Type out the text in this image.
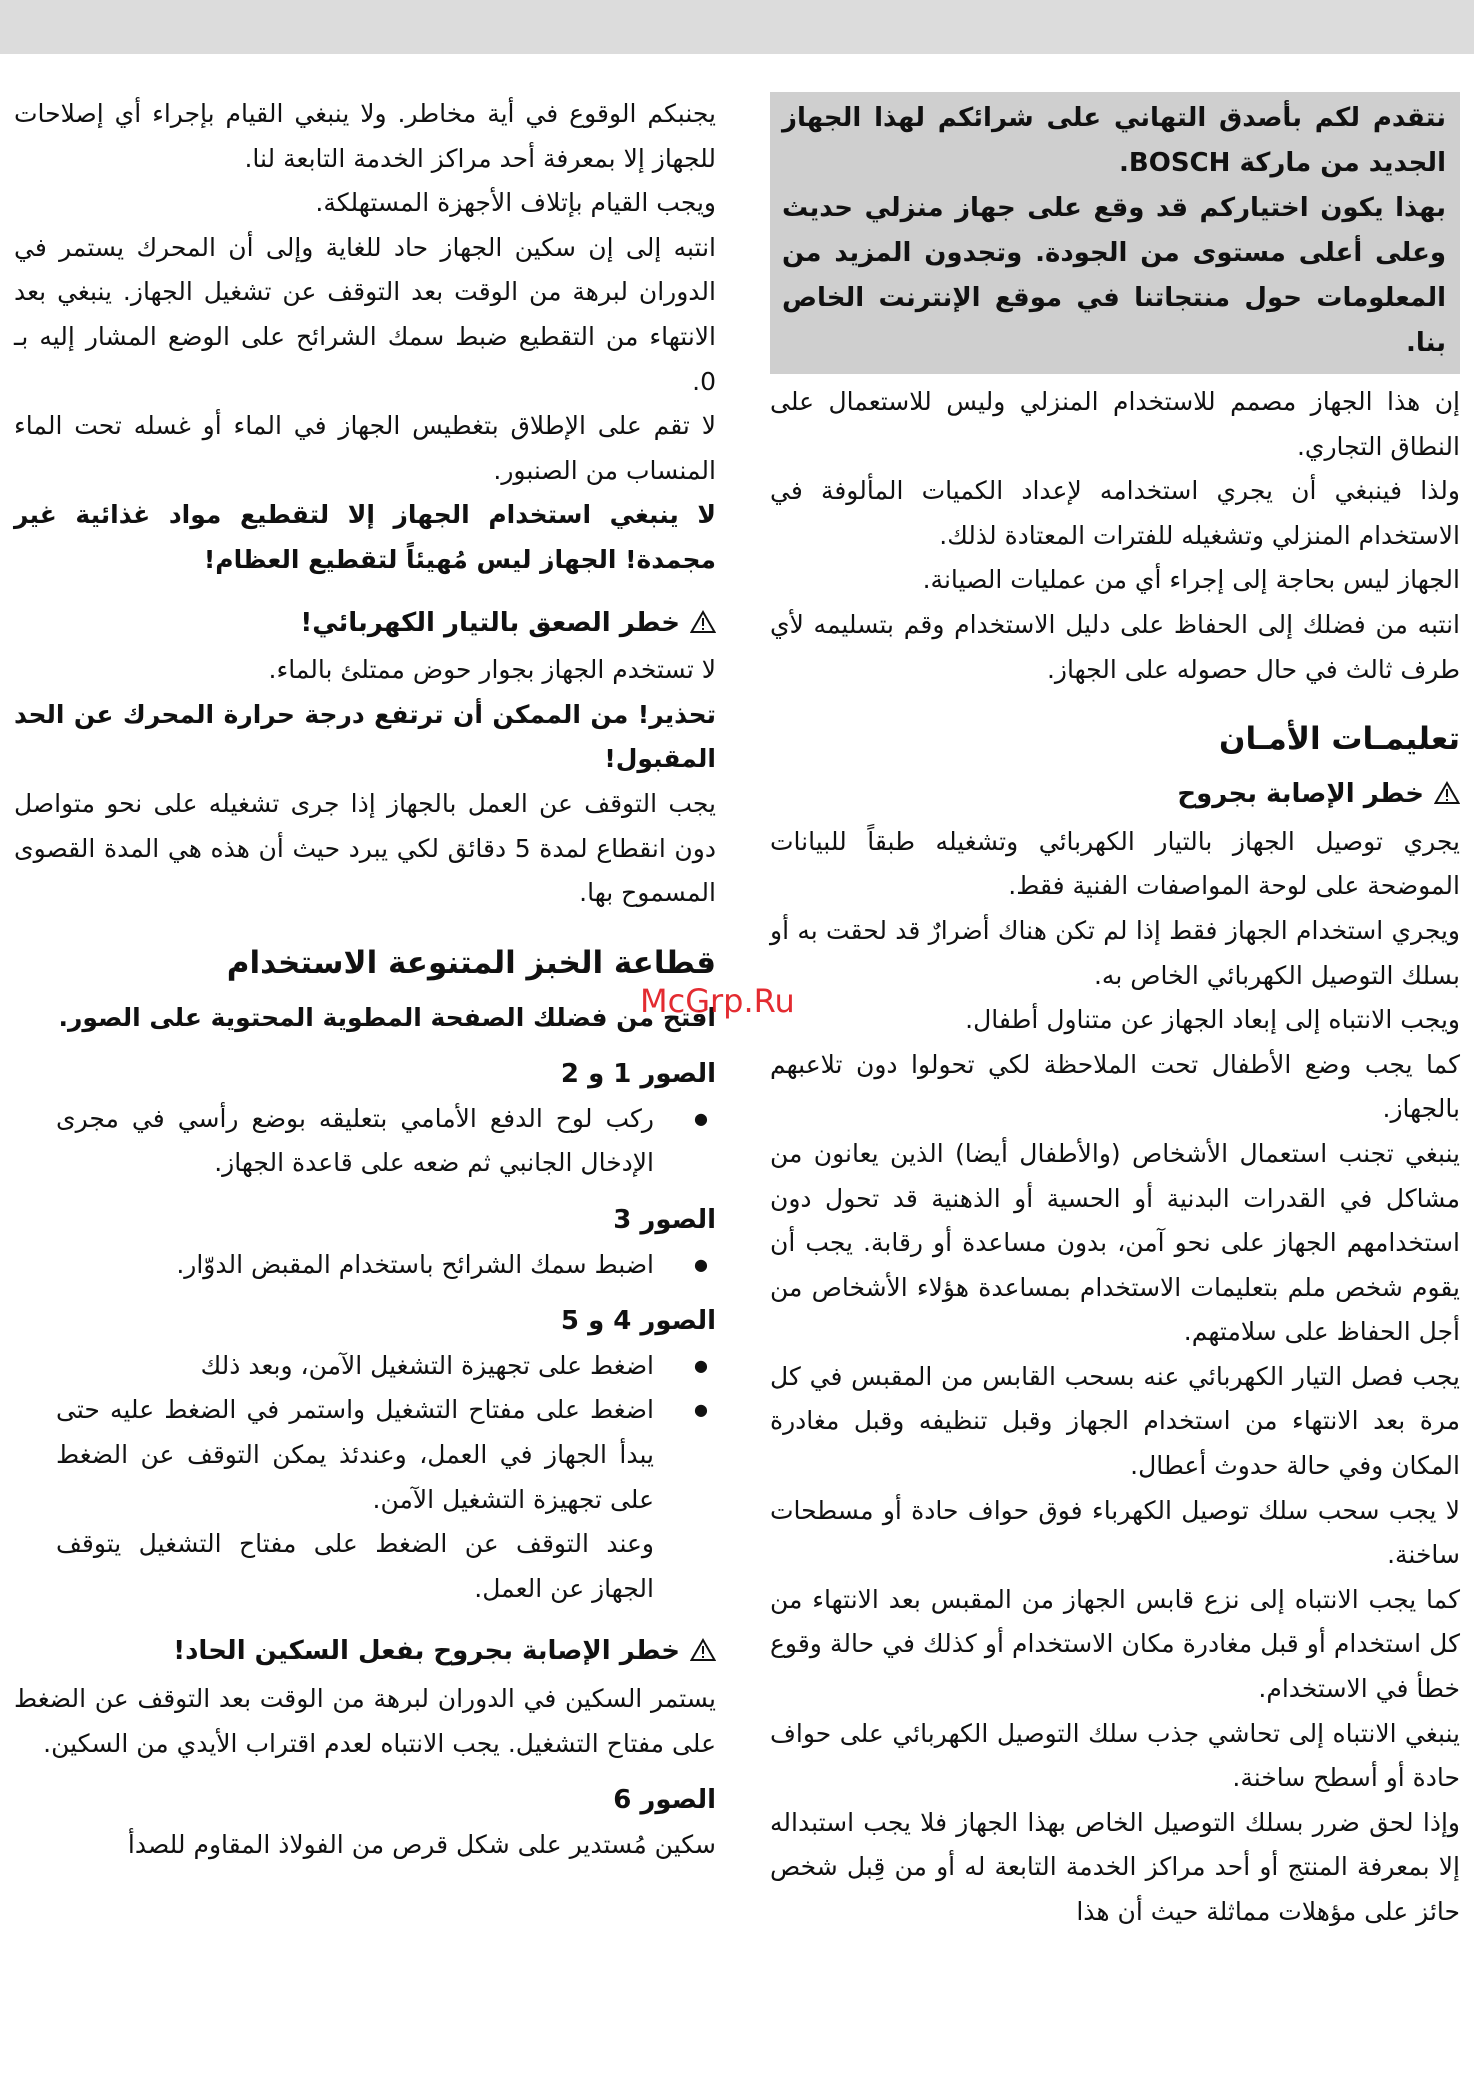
نتقدم لكم بأصدق التهاني على شرائكم لهذا الجهاز الجديد من ماركة BOSCH.

بهذا يكون اختياركم قد وقع على جهاز منزلي حديث وعلى أعلى مستوى من الجودة. وتجدون المزيد من المعلومات حول منتجاتنا في موقع الإنترنت الخاص بنا.

إن هذا الجهاز مصمم للاستخدام المنزلي وليس للاستعمال على النطاق التجاري.

ولذا فينبغي أن يجري استخدامه لإعداد الكميات المألوفة في الاستخدام المنزلي وتشغيله للفترات المعتادة لذلك.

الجهاز ليس بحاجة إلى إجراء أي من عمليات الصيانة.

انتبه من فضلك إلى الحفاظ على دليل الاستخدام وقم بتسليمه لأي طرف ثالث في حال حصوله على الجهاز.

تعليمـات الأمـان
خطر الإصابة بجروح

يجري توصيل الجهاز بالتيار الكهربائي وتشغيله طبقاً للبيانات الموضحة على لوحة المواصفات الفنية فقط.

ويجري استخدام الجهاز فقط إذا لم تكن هناك أضرارٌ قد لحقت به أو بسلك التوصيل الكهربائي الخاص به.

ويجب الانتباه إلى إبعاد الجهاز عن متناول أطفال.

كما يجب وضع الأطفال تحت الملاحظة لكي تحولوا دون تلاعبهم بالجهاز.

ينبغي تجنب استعمال الأشخاص (والأطفال أيضا) الذين يعانون من مشاكل في القدرات البدنية أو الحسية أو الذهنية قد تحول دون استخدامهم الجهاز على نحو آمن، بدون مساعدة أو رقابة. يجب أن يقوم شخص ملم بتعليمات الاستخدام بمساعدة هؤلاء الأشخاص من أجل الحفاظ على سلامتهم.

يجب فصل التيار الكهربائي عنه بسحب القابس من المقبس في كل مرة بعد الانتهاء من استخدام الجهاز وقبل تنظيفه وقبل مغادرة المكان وفي حالة حدوث أعطال.

لا يجب سحب سلك توصيل الكهرباء فوق حواف حادة أو مسطحات ساخنة.

كما يجب الانتباه إلى نزع قابس الجهاز من المقبس بعد الانتهاء من كل استخدام أو قبل مغادرة مكان الاستخدام أو كذلك في حالة وقوع خطأ في الاستخدام.

ينبغي الانتباه إلى تحاشي جذب سلك التوصيل الكهربائي على حواف حادة أو أسطح ساخنة.

وإذا لحق ضرر بسلك التوصيل الخاص بهذا الجهاز فلا يجب استبداله إلا بمعرفة المنتج أو أحد مراكز الخدمة التابعة له أو من قِبل شخص حائز على مؤهلات مماثلة حيث أن هذا

يجنبكم الوقوع في أية مخاطر. ولا ينبغي القيام بإجراء أي إصلاحات للجهاز إلا بمعرفة أحد مراكز الخدمة التابعة لنا.

ويجب القيام بإتلاف الأجهزة المستهلكة.

انتبه إلى إن سكين الجهاز حاد للغاية وإلى أن المحرك يستمر في الدوران لبرهة من الوقت بعد التوقف عن تشغيل الجهاز. ينبغي بعد الانتهاء من التقطيع ضبط سمك الشرائح على الوضع المشار إليه بـ 0.

لا تقم على الإطلاق بتغطيس الجهاز في الماء أو غسله تحت الماء المنساب من الصنبور.

لا ينبغي استخدام الجهاز إلا لتقطيع مواد غذائية غير مجمدة! الجهاز ليس مُهيئاً لتقطيع العظام!

خطر الصعق بالتيار الكهربائي!

لا تستخدم الجهاز بجوار حوض ممتلئ بالماء.

تحذير! من الممكن أن ترتفع درجة حرارة المحرك عن الحد المقبول!

يجب التوقف عن العمل بالجهاز إذا جرى تشغيله على نحو متواصل دون انقطاع لمدة 5 دقائق لكي يبرد حيث أن هذه هي المدة القصوى المسموح بها.

قطاعة الخبز المتنوعة الاستخدام

افتح من فضلك الصفحة المطوية المحتوية على الصور.

الصور 1 و 2
● ركب لوح الدفع الأمامي بتعليقه بوضع رأسي في مجرى الإدخال الجانبي ثم ضعه على قاعدة الجهاز.
الصور 3
● اضبط سمك الشرائح باستخدام المقبض الدوّار.
الصور 4 و 5
● اضغط على تجهيزة التشغيل الآمن، وبعد ذلك
● اضغط على مفتاح التشغيل واستمر في الضغط عليه حتى يبدأ الجهاز في العمل، وعندئذ يمكن التوقف عن الضغط على تجهيزة التشغيل الآمن.

وعند التوقف عن الضغط على مفتاح التشغيل يتوقف الجهاز عن العمل.

خطر الإصابة بجروح بفعل السكين الحاد!

يستمر السكين في الدوران لبرهة من الوقت بعد التوقف عن الضغط على مفتاح التشغيل. يجب الانتباه لعدم اقتراب الأيدي من السكين.

الصور 6

سكين مُستدير على شكل قرص من الفولاذ المقاوم للصدأ

McGrp.Ru
